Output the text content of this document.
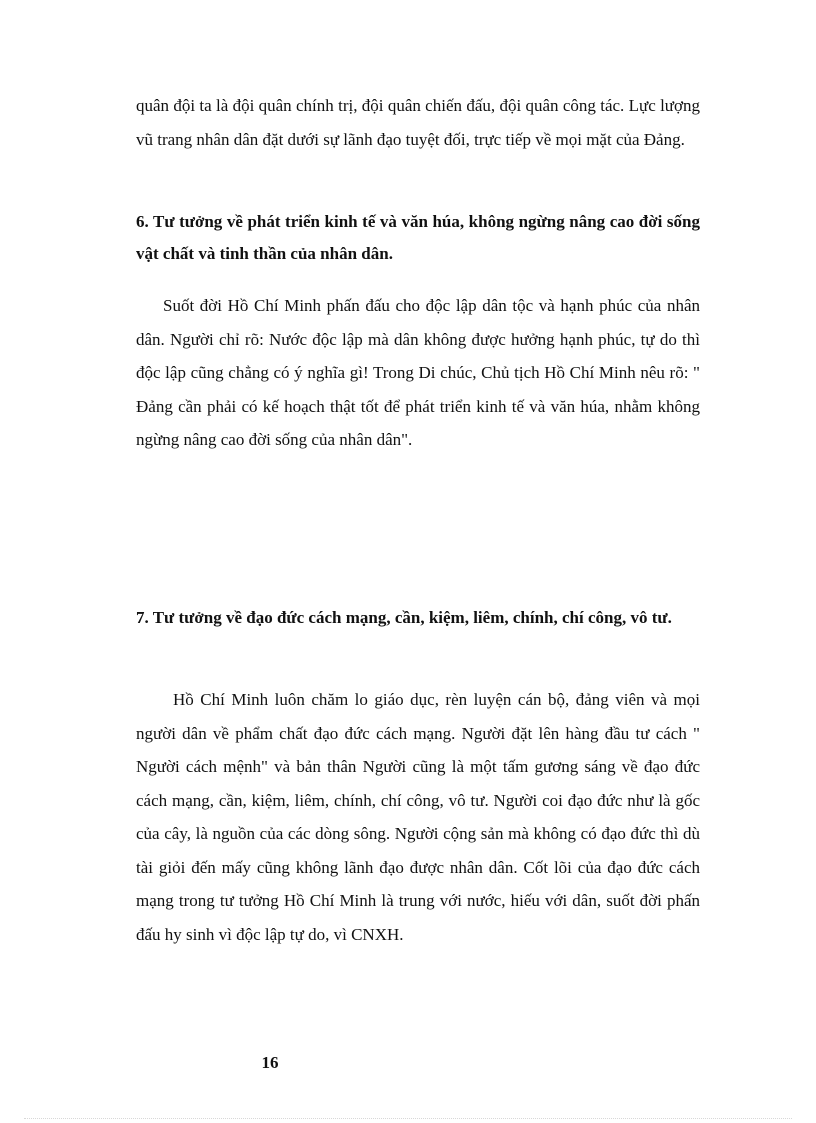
quân đội ta là đội quân chính trị, đội quân chiến đấu, đội quân công tác. Lực lượng vũ trang nhân dân đặt dưới sự lãnh đạo tuyệt đối, trực tiếp về mọi mặt của Đảng.

6. Tư tưởng về phát triển kinh tế và văn húa, không ngừng nâng cao đời sống vật chất và tinh thần của nhân dân.

Suốt đời Hồ Chí Minh phấn đấu cho độc lập dân tộc và hạnh phúc của nhân dân. Người chỉ rõ: Nước độc lập mà dân không được hưởng hạnh phúc, tự do thì độc lập cũng chẳng có ý nghĩa gì! Trong Di chúc, Chủ tịch Hồ Chí Minh nêu rõ: " Đảng cần phải có kế hoạch thật tốt để phát triển kinh tế và văn húa, nhằm không ngừng nâng cao đời sống của nhân dân".

7. Tư tưởng về đạo đức cách mạng, cần, kiệm, liêm, chính, chí công, vô tư.

Hồ Chí Minh luôn chăm lo giáo dục, rèn luyện cán bộ, đảng viên và mọi người dân về phẩm chất đạo đức cách mạng. Người đặt lên hàng đầu tư cách " Người cách mệnh" và bản thân Người cũng là một tấm gương sáng về đạo đức cách mạng, cần, kiệm, liêm, chính, chí công, vô tư. Người coi đạo đức như là gốc của cây, là nguồn của các dòng sông. Người cộng sản mà không có đạo đức thì dù tài giỏi đến mấy cũng không lãnh đạo được nhân dân. Cốt lõi của đạo đức cách mạng trong tư tưởng Hồ Chí Minh là trung với nước, hiếu với dân, suốt đời phấn đấu hy sinh vì độc lập tự do, vì CNXH.

16
